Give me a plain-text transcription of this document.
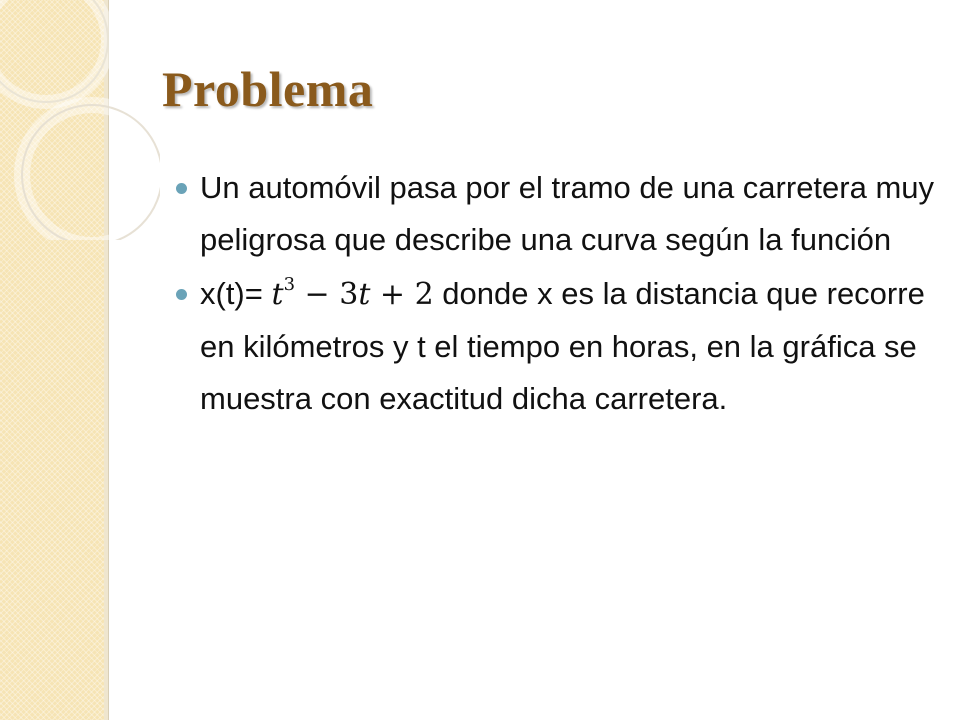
Problema
Un automóvil pasa por el tramo de una carretera muy peligrosa que describe una curva según la función
$x(t)= t^3 - 3t + 2$ donde x es la distancia que recorre en kilómetros y t el tiempo en horas, en la gráfica se muestra con exactitud dicha carretera.
